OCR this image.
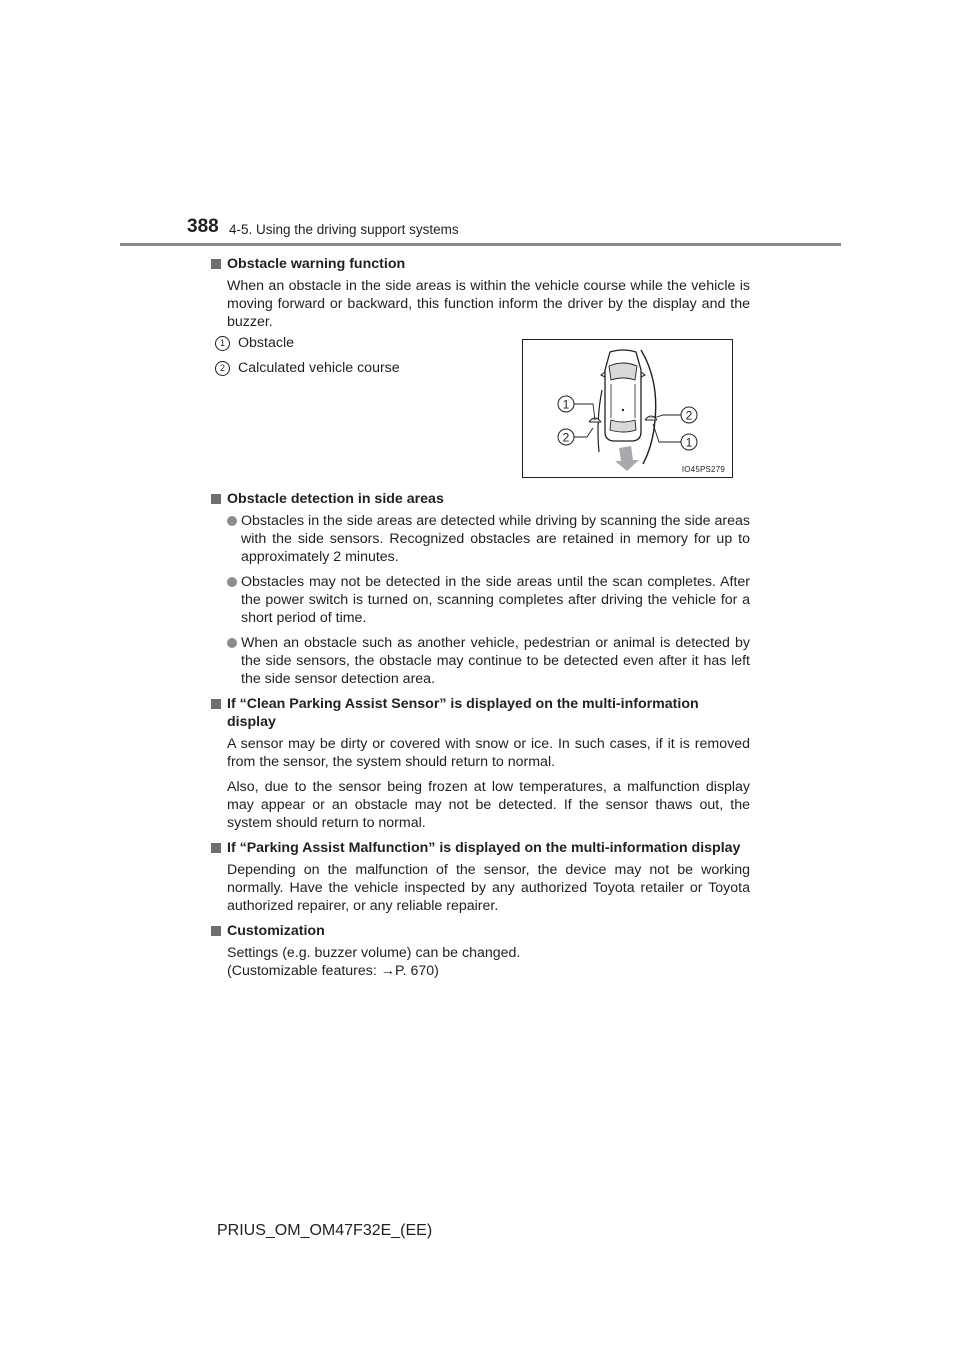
388 4-5. Using the driving support systems
Obstacle warning function
When an obstacle in the side areas is within the vehicle course while the vehicle is moving forward or backward, this function inform the driver by the display and the buzzer.
1 Obstacle
2 Calculated vehicle course
1
2
2
1
IO45PS279
Obstacle detection in side areas
Obstacles in the side areas are detected while driving by scanning the side areas with the side sensors. Recognized obstacles are retained in memory for up to approximately 2 minutes.
Obstacles may not be detected in the side areas until the scan completes. After the power switch is turned on, scanning completes after driving the vehicle for a short period of time.
When an obstacle such as another vehicle, pedestrian or animal is detected by the side sensors, the obstacle may continue to be detected even after it has left the side sensor detection area.
If “Clean Parking Assist Sensor” is displayed on the multi-information display
A sensor may be dirty or covered with snow or ice. In such cases, if it is removed from the sensor, the system should return to normal.
Also, due to the sensor being frozen at low temperatures, a malfunction display may appear or an obstacle may not be detected. If the sensor thaws out, the system should return to normal.
If “Parking Assist Malfunction” is displayed on the multi-information display
Depending on the malfunction of the sensor, the device may not be working normally. Have the vehicle inspected by any authorized Toyota retailer or Toyota authorized repairer, or any reliable repairer.
Customization
Settings (e.g. buzzer volume) can be changed.
(Customizable features: →P. 670)
PRIUS_OM_OM47F32E_(EE)
